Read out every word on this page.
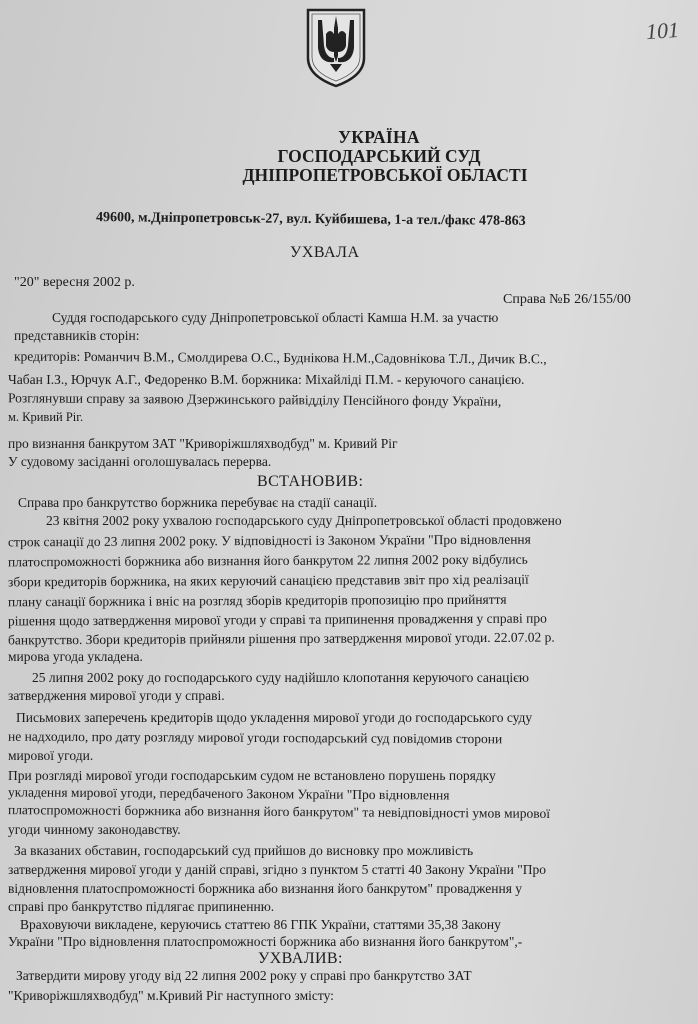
101
УКРАЇНА
ГОСПОДАРСЬКИЙ СУД
ДНІПРОПЕТРОВСЬКОЇ ОБЛАСТІ
49600, м.Дніпропетровськ-27, вул. Куйбишева, 1-а тел./факс 478-863
УХВАЛА
"20" вересня 2002 р.
Справа №Б 26/155/00
Суддя господарського суду Дніпропетровської області Камша Н.М. за участю
представників сторін:
кредиторів: Романчич В.М., Смолдирева О.С., Буднікова Н.М.,Садовнікова Т.Л., Дичик В.С.,
Чабан І.З., Юрчук А.Г., Федоренко В.М. боржника: Міхайліді П.М. - керуючого санацією.
Розглянувши справу за заявою Дзержинського райвідділу Пенсійного фонду України,
м. Кривий Ріг.
про визнання банкрутом ЗАТ "Криворіжшляхводбуд" м. Кривий Ріг
У судовому засіданні оголошувалась перерва.
ВСТАНОВИВ:
Справа про банкрутство боржника перебуває на стадії санації.
23 квітня 2002 року ухвалою господарського суду Дніпропетровської області продовжено
строк санації до 23 липня 2002 року. У відповідності із Законом України "Про відновлення
платоспроможності боржника або визнання його банкрутом 22 липня 2002 року відбулись
збори кредиторів боржника, на яких керуючий санацією представив звіт про хід реалізації
плану санації боржника і вніс на розгляд зборів кредиторів пропозицію про прийняття
рішення щодо затвердження мирової угоди у справі та припинення провадження у справі про
банкрутство. Збори кредиторів прийняли рішення про затвердження мирової угоди. 22.07.02 р.
мирова угода укладена.
25 липня 2002 року до господарського суду надійшло клопотання керуючого санацією
затвердження мирової угоди у справі.
Письмових заперечень кредиторів щодо укладення мирової угоди до господарського суду
не надходило, про дату розгляду мирової угоди господарський суд повідомив сторони
мирової угоди.
При розгляді мирової угоди господарським судом не встановлено порушень порядку
укладення мирової угоди, передбаченого Законом України "Про відновлення
платоспроможності боржника або визнання його банкрутом" та невідповідності умов мирової
угоди чинному законодавству.
За вказаних обставин, господарський суд прийшов до висновку про можливість
затвердження мирової угоди у даній справі, згідно з пунктом 5 статті 40 Закону України "Про
відновлення платоспроможності боржника або визнання його банкрутом" провадження у
справі про банкрутство підлягає припиненню.
Враховуючи викладене, керуючись статтею 86 ГПК України, статтями 35,38 Закону
України "Про відновлення платоспроможності боржника або визнання його банкрутом",-
УХВАЛИВ:
Затвердити мирову угоду від 22 липня 2002 року у справі про банкрутство ЗАТ
"Криворіжшляхводбуд" м.Кривий Ріг наступного змісту:
